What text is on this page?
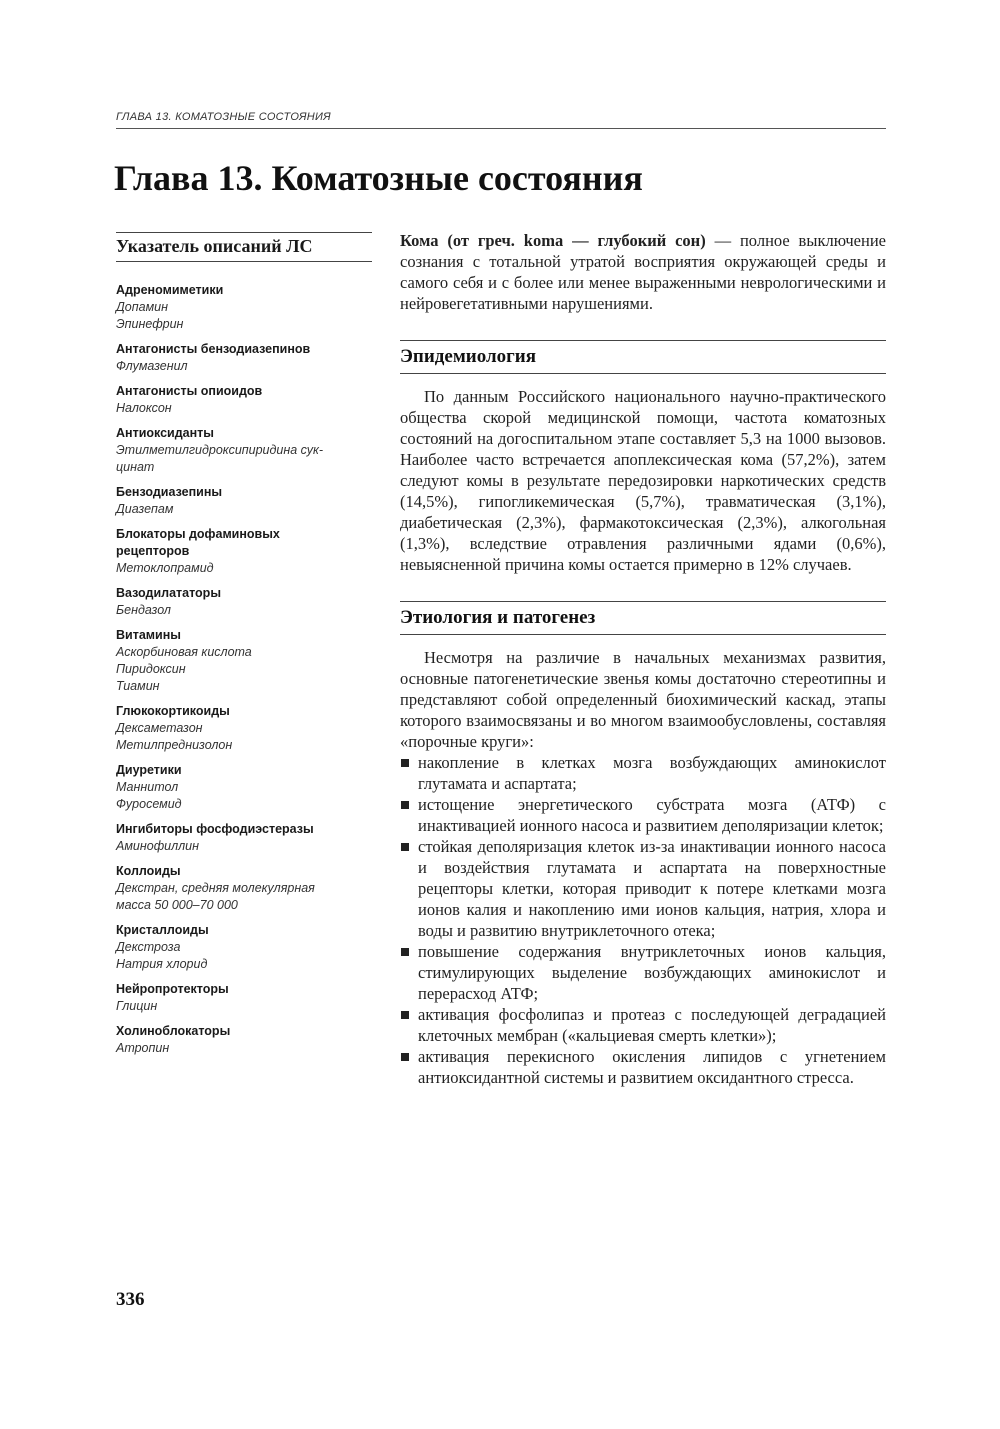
ГЛАВА 13. КОМАТОЗНЫЕ СОСТОЯНИЯ
Глава 13. Коматозные состояния
Указатель описаний ЛС
Адреномиметики
Допамин
Эпинефрин
Антагонисты бензодиазепинов
Флумазенил
Антагонисты опиоидов
Налоксон
Антиоксиданты
Этилметилгидроксипиридина сук-
цинат
Бензодиазепины
Диазепам
Блокаторы дофаминовых
рецепторов
Метоклопрамид
Вазодилататоры
Бендазол
Витамины
Аскорбиновая кислота
Пиридоксин
Тиамин
Глюкокортикоиды
Дексаметазон
Метилпреднизолон
Диуретики
Маннитол
Фуросемид
Ингибиторы фосфодиэстеразы
Аминофиллин
Коллоиды
Декстран, средняя молекулярная
масса 50 000–70 000
Кристаллоиды
Декстроза
Натрия хлорид
Нейропротекторы
Глицин
Холиноблокаторы
Атропин

Кома (от греч. koma — глубокий сон) — полное выключение сознания с тотальной утратой восприятия окружающей среды и самого себя и с более или менее выраженными неврологическими и нейровегетативными нарушениями.

Эпидемиология

По данным Российского национального научно-практического общества скорой медицинской помощи, частота коматозных состояний на догоспитальном этапе составляет 5,3 на 1000 вызовов. Наиболее часто встречается апоплексическая кома (57,2%), затем следуют комы в результате передозировки наркотических средств (14,5%), гипогликемическая (5,7%), травматическая (3,1%), диабетическая (2,3%), фармакотоксическая (2,3%), алкогольная (1,3%), вследствие отравления различными ядами (0,6%), невыясненной причина комы остается примерно в 12% случаев.

Этиология и патогенез

Несмотря на различие в начальных механизмах развития, основные патогенетические звенья комы достаточно стереотипны и представляют собой определенный биохимический каскад, этапы которого взаимосвязаны и во многом взаимообусловлены, составляя «порочные круги»:

накопление в клетках мозга возбуждающих аминокислот глутамата и аспартата;
истощение энергетического субстрата мозга (АТФ) с инактивацией ионного насоса и развитием деполяризации клеток;
стойкая деполяризация клеток из-за инактивации ионного насоса и воздействия глутамата и аспартата на поверхностные рецепторы клетки, которая приводит к потере клетками мозга ионов калия и накоплению ими ионов кальция, натрия, хлора и воды и развитию внутриклеточного отека;
повышение содержания внутриклеточных ионов кальция, стимулирующих выделение возбуждающих аминокислот и перерасход АТФ;
активация фосфолипаз и протеаз с последующей деградацией клеточных мембран («кальциевая смерть клетки»);
активация перекисного окисления липидов с угнетением антиоксидантной системы и развитием оксидантного стресса.
336
